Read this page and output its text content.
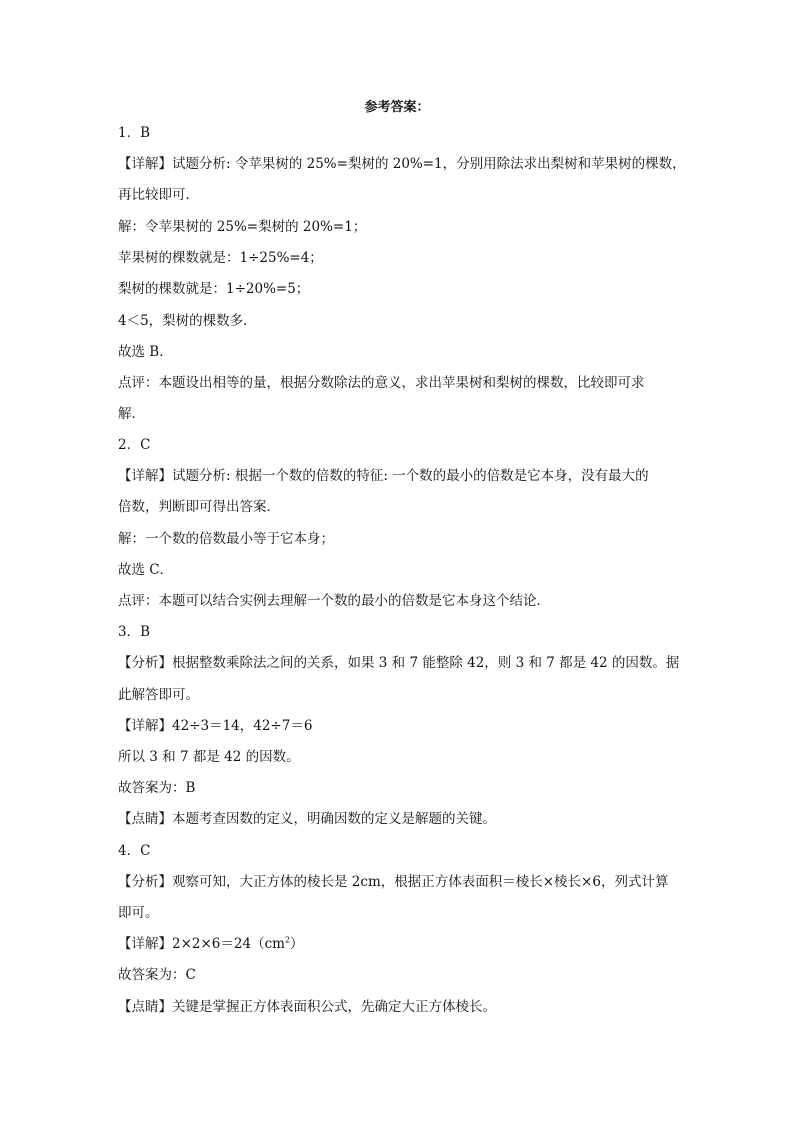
参考答案：
1．B
【详解】试题分析: 令苹果树的 25%=梨树的 20%=1，分别用除法求出梨树和苹果树的棵数，
再比较即可．
解：令苹果树的 25%=梨树的 20%=1；
苹果树的棵数就是：1÷25%=4；
梨树的棵数就是：1÷20%=5；
4＜5，梨树的棵数多．
故选 B．
点评：本题设出相等的量，根据分数除法的意义，求出苹果树和梨树的棵数，比较即可求
解．
2．C
【详解】试题分析: 根据一个数的倍数的特征: 一个数的最小的倍数是它本身，没有最大的
倍数，判断即可得出答案．
解：一个数的倍数最小等于它本身；
故选 C．
点评：本题可以结合实例去理解一个数的最小的倍数是它本身这个结论．
3．B
【分析】根据整数乘除法之间的关系，如果 3 和 7 能整除 42，则 3 和 7 都是 42 的因数。据
此解答即可。
【详解】42÷3＝14，42÷7＝6
所以 3 和 7 都是 42 的因数。
故答案为：B
【点睛】本题考查因数的定义，明确因数的定义是解题的关键。
4．C
【分析】观察可知，大正方体的棱长是 2cm，根据正方体表面积＝棱长×棱长×6，列式计算
即可。
【详解】$2\times 2\times 6=24(cm^2)$
故答案为：C
【点睛】关键是掌握正方体表面积公式，先确定大正方体棱长。
